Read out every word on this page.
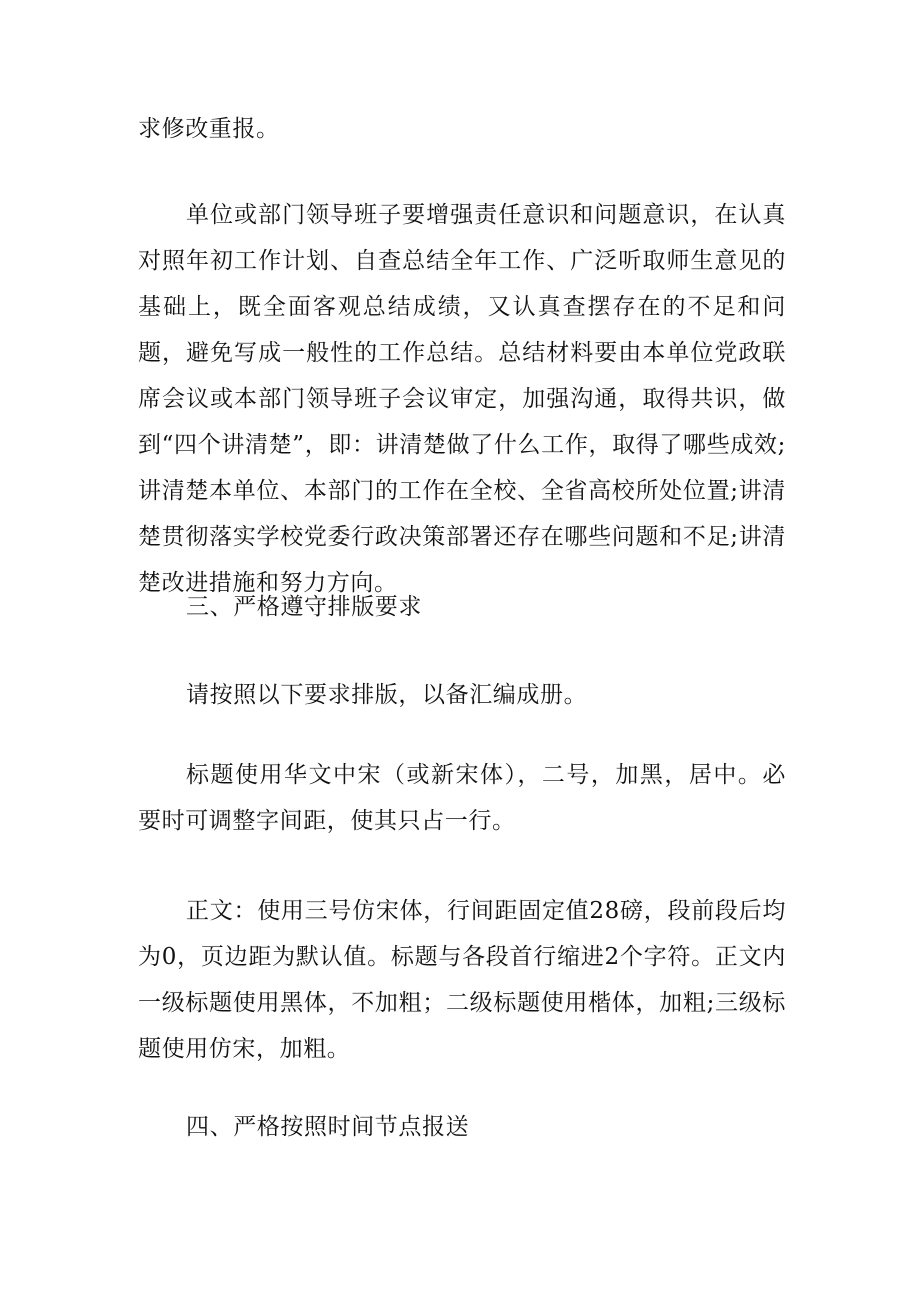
求修改重报。

单位或部门领导班子要增强责任意识和问题意识，在认真对照年初工作计划、自查总结全年工作、广泛听取师生意见的基础上，既全面客观总结成绩，又认真查摆存在的不足和问题，避免写成一般性的工作总结。总结材料要由本单位党政联席会议或本部门领导班子会议审定，加强沟通，取得共识，做到“四个讲清楚”，即：讲清楚做了什么工作，取得了哪些成效;讲清楚本单位、本部门的工作在全校、全省高校所处位置;讲清楚贯彻落实学校党委行政决策部署还存在哪些问题和不足;讲清楚改进措施和努力方向。

三、严格遵守排版要求

请按照以下要求排版，以备汇编成册。

标题使用华文中宋（或新宋体），二号，加黑，居中。必要时可调整字间距，使其只占一行。

正文：使用三号仿宋体，行间距固定值28磅，段前段后均为0，页边距为默认值。标题与各段首行缩进2个字符。正文内一级标题使用黑体，不加粗；二级标题使用楷体，加粗;三级标题使用仿宋，加粗。

四、严格按照时间节点报送
